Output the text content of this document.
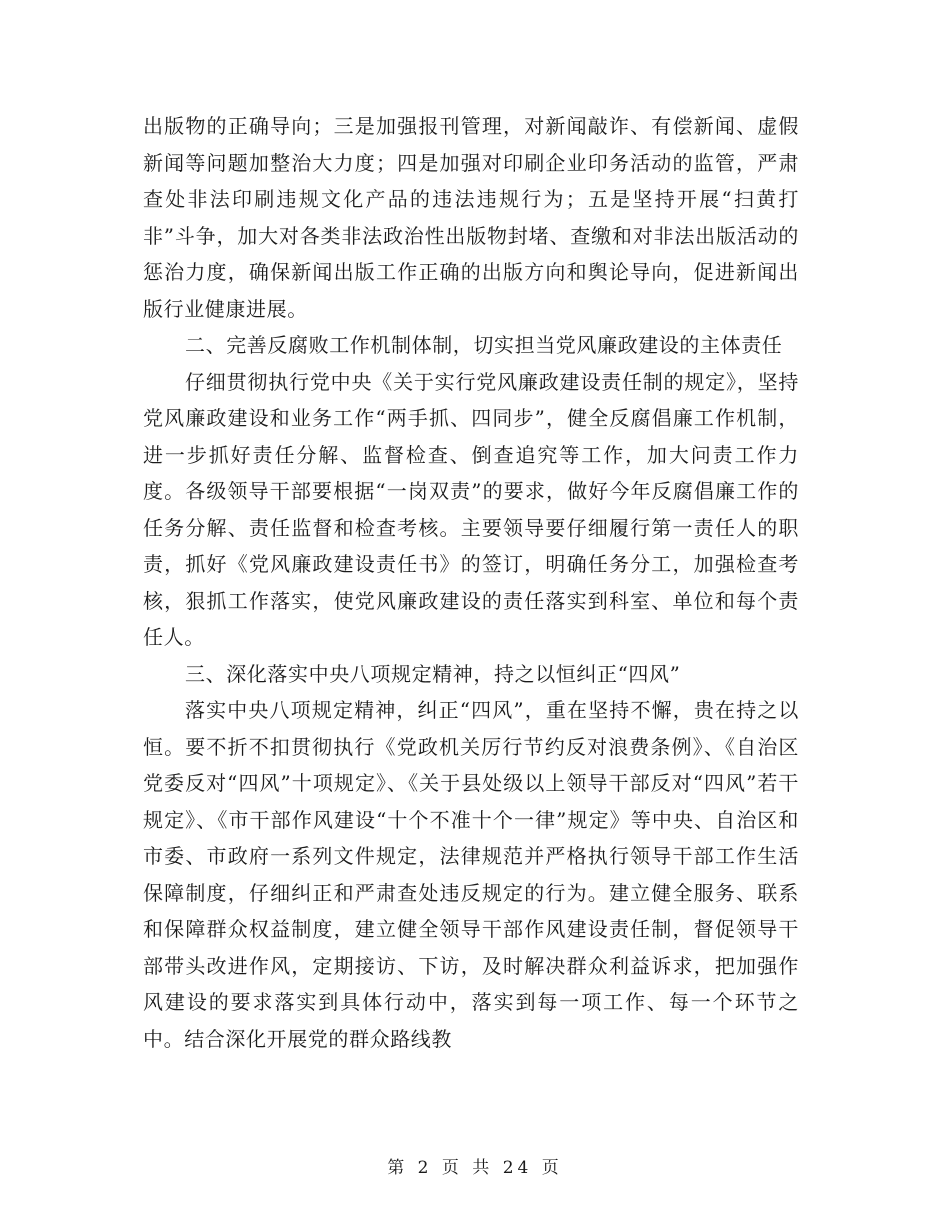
出版物的正确导向；三是加强报刊管理，对新闻敲诈、有偿新闻、虚假新闻等问题加整治大力度；四是加强对印刷企业印务活动的监管，严肃查处非法印刷违规文化产品的违法违规行为；五是坚持开展“扫黄打非”斗争，加大对各类非法政治性出版物封堵、查缴和对非法出版活动的惩治力度，确保新闻出版工作正确的出版方向和舆论导向，促进新闻出版行业健康进展。

二、完善反腐败工作机制体制，切实担当党风廉政建设的主体责任

仔细贯彻执行党中央《关于实行党风廉政建设责任制的规定》，坚持党风廉政建设和业务工作“两手抓、四同步”，健全反腐倡廉工作机制，进一步抓好责任分解、监督检查、倒查追究等工作，加大问责工作力度。各级领导干部要根据“一岗双责”的要求，做好今年反腐倡廉工作的任务分解、责任监督和检查考核。主要领导要仔细履行第一责任人的职责，抓好《党风廉政建设责任书》的签订，明确任务分工，加强检查考核，狠抓工作落实，使党风廉政建设的责任落实到科室、单位和每个责任人。

三、深化落实中央八项规定精神，持之以恒纠正“四风”

落实中央八项规定精神，纠正“四风”，重在坚持不懈，贵在持之以恒。要不折不扣贯彻执行《党政机关厉行节约反对浪费条例》、《自治区党委反对“四风”十项规定》、《关于县处级以上领导干部反对“四风”若干规定》、《市干部作风建设“十个不准十个一律”规定》等中央、自治区和市委、市政府一系列文件规定，法律规范并严格执行领导干部工作生活保障制度，仔细纠正和严肃查处违反规定的行为。建立健全服务、联系和保障群众权益制度，建立健全领导干部作风建设责任制，督促领导干部带头改进作风，定期接访、下访，及时解决群众利益诉求，把加强作风建设的要求落实到具体行动中，落实到每一项工作、每一个环节之中。结合深化开展党的群众路线教

第 2 页 共 24 页
